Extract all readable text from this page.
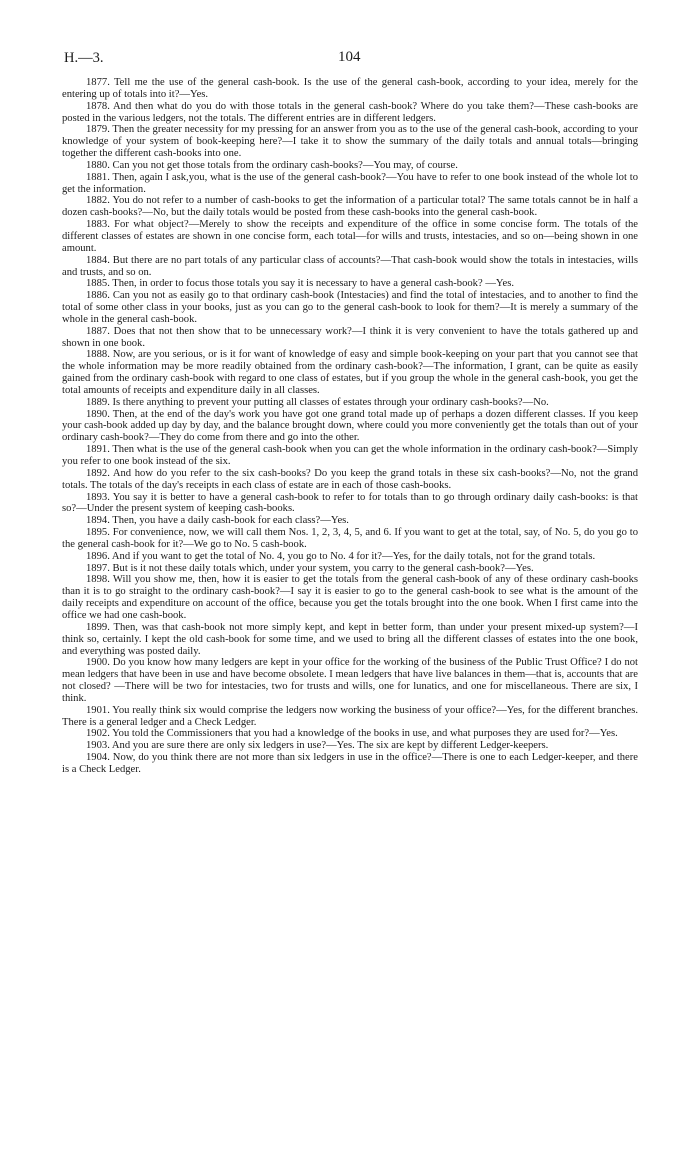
H.—3.	104

1877. Tell me the use of the general cash-book. Is the use of the general cash-book, according to your idea, merely for the entering up of totals into it?—Yes.

1878. And then what do you do with those totals in the general cash-book? Where do you take them?—These cash-books are posted in the various ledgers, not the totals. The different entries are in different ledgers.

1879. Then the greater necessity for my pressing for an answer from you as to the use of the general cash-book, according to your knowledge of your system of book-keeping here?—I take it to show the summary of the daily totals and annual totals—bringing together the different cash-books into one.

1880. Can you not get those totals from the ordinary cash-books?—You may, of course.

1881. Then, again I ask,you, what is the use of the general cash-book?—You have to refer to one book instead of the whole lot to get the information.

1882. You do not refer to a number of cash-books to get the information of a particular total? The same totals cannot be in half a dozen cash-books?—No, but the daily totals would be posted from these cash-books into the general cash-book.

1883. For what object?—Merely to show the receipts and expenditure of the office in some concise form. The totals of the different classes of estates are shown in one concise form, each total—for wills and trusts, intestacies, and so on—being shown in one amount.

1884. But there are no part totals of any particular class of accounts?—That cash-book would show the totals in intestacies, wills and trusts, and so on.

1885. Then, in order to focus those totals you say it is necessary to have a general cash-book? —Yes.

1886. Can you not as easily go to that ordinary cash-book (Intestacies) and find the total of intestacies, and to another to find the total of some other class in your books, just as you can go to the general cash-book to look for them?—It is merely a summary of the whole in the general cash-book.

1887. Does that not then show that to be unnecessary work?—I think it is very convenient to have the totals gathered up and shown in one book.

1888. Now, are you serious, or is it for want of knowledge of easy and simple book-keeping on your part that you cannot see that the whole information may be more readily obtained from the ordinary cash-book?—The information, I grant, can be quite as easily gained from the ordinary cash-book with regard to one class of estates, but if you group the whole in the general cash-book, you get the total amounts of receipts and expenditure daily in all classes.

1889. Is there anything to prevent your putting all classes of estates through your ordinary cash-books?—No.

1890. Then, at the end of the day's work you have got one grand total made up of perhaps a dozen different classes. If you keep your cash-book added up day by day, and the balance brought down, where could you more conveniently get the totals than out of your ordinary cash-book?—They do come from there and go into the other.

1891. Then what is the use of the general cash-book when you can get the whole information in the ordinary cash-book?—Simply you refer to one book instead of the six.

1892. And how do you refer to the six cash-books? Do you keep the grand totals in these six cash-books?—No, not the grand totals. The totals of the day's receipts in each class of estate are in each of those cash-books.

1893. You say it is better to have a general cash-book to refer to for totals than to go through ordinary daily cash-books: is that so?—Under the present system of keeping cash-books.

1894. Then, you have a daily cash-book for each class?—Yes.

1895. For convenience, now, we will call them Nos. 1, 2, 3, 4, 5, and 6. If you want to get at the total, say, of No. 5, do you go to the general cash-book for it?—We go to No. 5 cash-book.

1896. And if you want to get the total of No. 4, you go to No. 4 for it?—Yes, for the daily totals, not for the grand totals.

1897. But is it not these daily totals which, under your system, you carry to the general cash-book?—Yes.

1898. Will you show me, then, how it is easier to get the totals from the general cash-book of any of these ordinary cash-books than it is to go straight to the ordinary cash-book?—I say it is easier to go to the general cash-book to see what is the amount of the daily receipts and expenditure on account of the office, because you get the totals brought into the one book. When I first came into the office we had one cash-book.

1899. Then, was that cash-book not more simply kept, and kept in better form, than under your present mixed-up system?—I think so, certainly. I kept the old cash-book for some time, and we used to bring all the different classes of estates into the one book, and everything was posted daily.

1900. Do you know how many ledgers are kept in your office for the working of the business of the Public Trust Office? I do not mean ledgers that have been in use and have become obsolete. I mean ledgers that have live balances in them—that is, accounts that are not closed? —There will be two for intestacies, two for trusts and wills, one for lunatics, and one for miscellaneous. There are six, I think.

1901. You really think six would comprise the ledgers now working the business of your office?—Yes, for the different branches. There is a general ledger and a Check Ledger.

1902. You told the Commissioners that you had a knowledge of the books in use, and what purposes they are used for?—Yes.

1903. And you are sure there are only six ledgers in use?—Yes. The six are kept by different Ledger-keepers.

1904. Now, do you think there are not more than six ledgers in use in the office?—There is one to each Ledger-keeper, and there is a Check Ledger.
